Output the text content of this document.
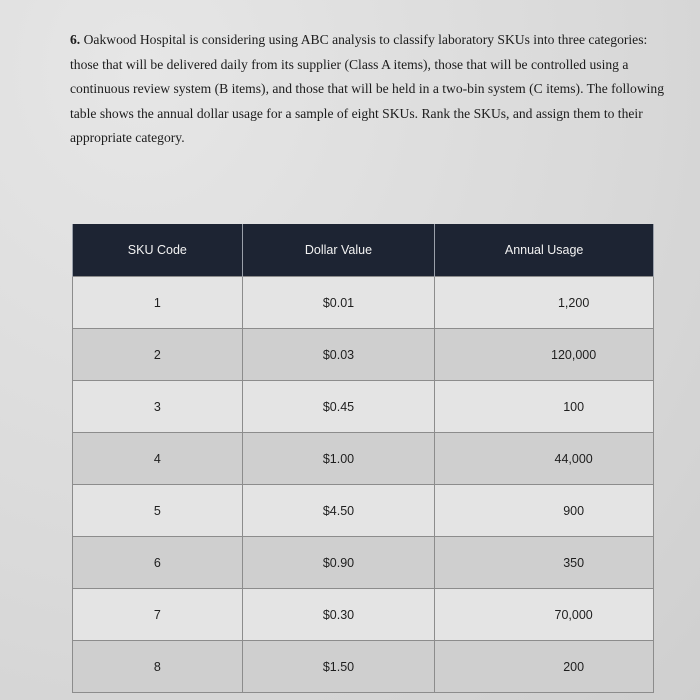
6. Oakwood Hospital is considering using ABC analysis to classify laboratory SKUs into three categories: those that will be delivered daily from its supplier (Class A items), those that will be controlled using a continuous review system (B items), and those that will be held in a two-bin system (C items). The following table shows the annual dollar usage for a sample of eight SKUs. Rank the SKUs, and assign them to their appropriate category.
SKU Code	Dollar Value	Annual Usage
1	$0.01	1,200
2	$0.03	120,000
3	$0.45	100
4	$1.00	44,000
5	$4.50	900
6	$0.90	350
7	$0.30	70,000
8	$1.50	200
